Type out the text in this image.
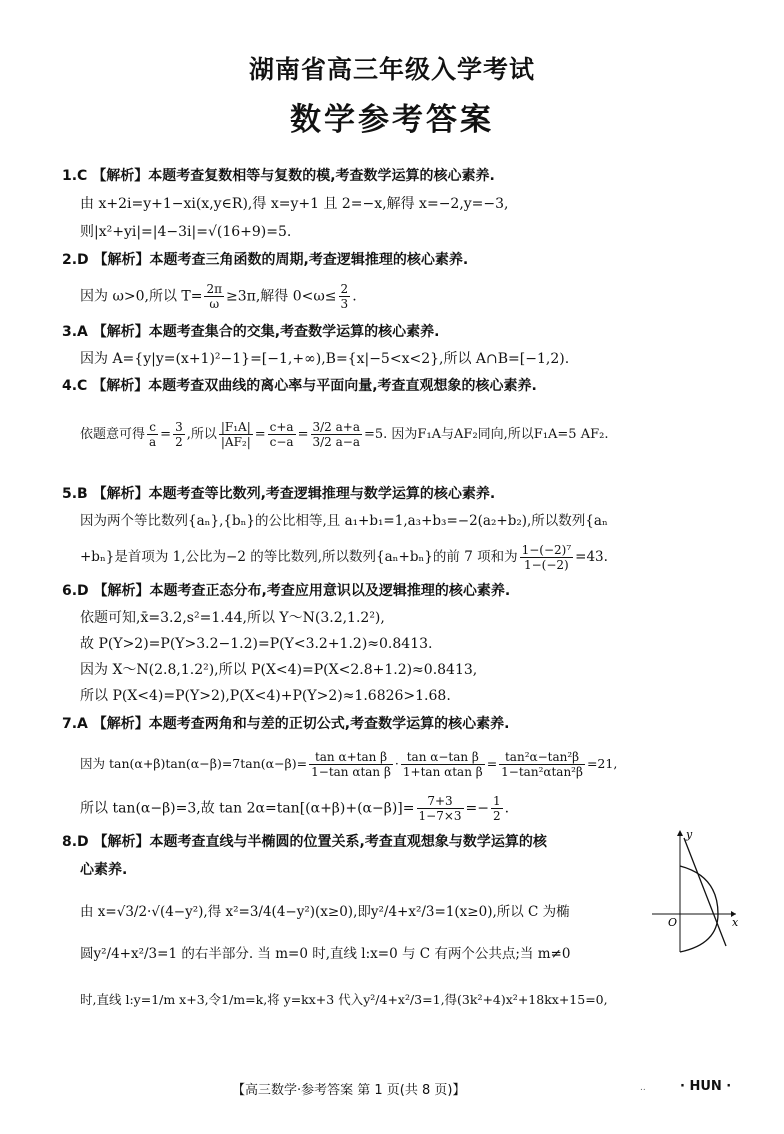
湖南省高三年级入学考试
数学参考答案
1.C 【解析】本题考查复数相等与复数的模,考查数学运算的核心素养.
由 x+2i=y+1−xi(x,y∈R),得 x=y+1 且 2=−x,解得 x=−2,y=−3,
则|x²+yi|=|4−3i|=√(16+9)=5.
2.D 【解析】本题考查三角函数的周期,考查逻辑推理的核心素养.
因为 ω>0,所以 $T= \frac{2\pi}{\omega} \ge 3\pi$,解得 $0<\omega\le \frac{2}{3}$ .
3.A 【解析】本题考查集合的交集,考查数学运算的核心素养.
因为 A={y|y=(x+1)²−1}=[−1,+∞),B={x|−5<x<2},所以 A∩B=[−1,2).
4.C 【解析】本题考查双曲线的离心率与平面向量,考查直观想象的核心素养.
依题意可得 $\frac{c}{a} = \frac{3}{2}$ ,所以 $\frac{\text{|F₁A|}}{\text{|AF₂|}} = \frac{c+a}{c-a} = \frac{3/2 a+a}{3/2 a-a} =5$. 因为F₁A与AF₂同向,所以F₁A=5 AF₂.
5.B 【解析】本题考查等比数列,考查逻辑推理与数学运算的核心素养.
因为两个等比数列{aₙ},{bₙ}的公比相等,且 a₁+b₁=1,a₃+b₃=−2(a₂+b₂),所以数列{aₙ
+bₙ}是首项为 1,公比为−2 的等比数列,所以数列{aₙ+bₙ}的前 7 项和为 $\frac{\text{1−(−2)⁷}}{1-(-2)} =43$.
6.D 【解析】本题考查正态分布,考查应用意识以及逻辑推理的核心素养.
依题可知,x̄=3.2,s²=1.44,所以 Y～N(3.2,1.2²),
故 P(Y>2)=P(Y>3.2−1.2)=P(Y<3.2+1.2)≈0.8413.
因为 X～N(2.8,1.2²),所以 P(X<4)=P(X<2.8+1.2)≈0.8413,
所以 P(X<4)=P(Y>2),P(X<4)+P(Y>2)≈1.6826>1.68.
7.A 【解析】本题考查两角和与差的正切公式,考查数学运算的核心素养.
因为 $\tan(\alpha+\beta)\tan(\alpha-\beta)=7\tan(\alpha-\beta)= \frac{\text{tan α+tan β}}{\text{1−tan αtan β}} \cdot \frac{\text{tan α−tan β}}{\text{1+tan αtan β}} = \frac{\text{tan²α−tan²β}}{\text{1−tan²αtan²β}} =21$,
所以 tan(α−β)=3,故 $\tan 2\alpha=\tan[(\alpha+\beta)+(\alpha-\beta)]= \frac{7+3}{1-7\times 3} =- \frac{1}{2}$ .
8.D 【解析】本题考查直线与半椭圆的位置关系,考查直观想象与数学运算的核
心素养.
由 x=√3/2·√(4−y²),得 x²=3/4(4−y²)(x≥0),即y²/4+x²/3=1(x≥0),所以 C 为椭
圆y²/4+x²/3=1 的右半部分. 当 m=0 时,直线 l:x=0 与 C 有两个公共点;当 m≠0
时,直线 l:y=1/m x+3,令1/m=k,将 y=kx+3 代入y²/4+x²/3=1,得(3k²+4)x²+18kx+15=0,
y
x
O
【高三数学·参考答案 第 1 页(共 8 页)】	..	· HUN ·
